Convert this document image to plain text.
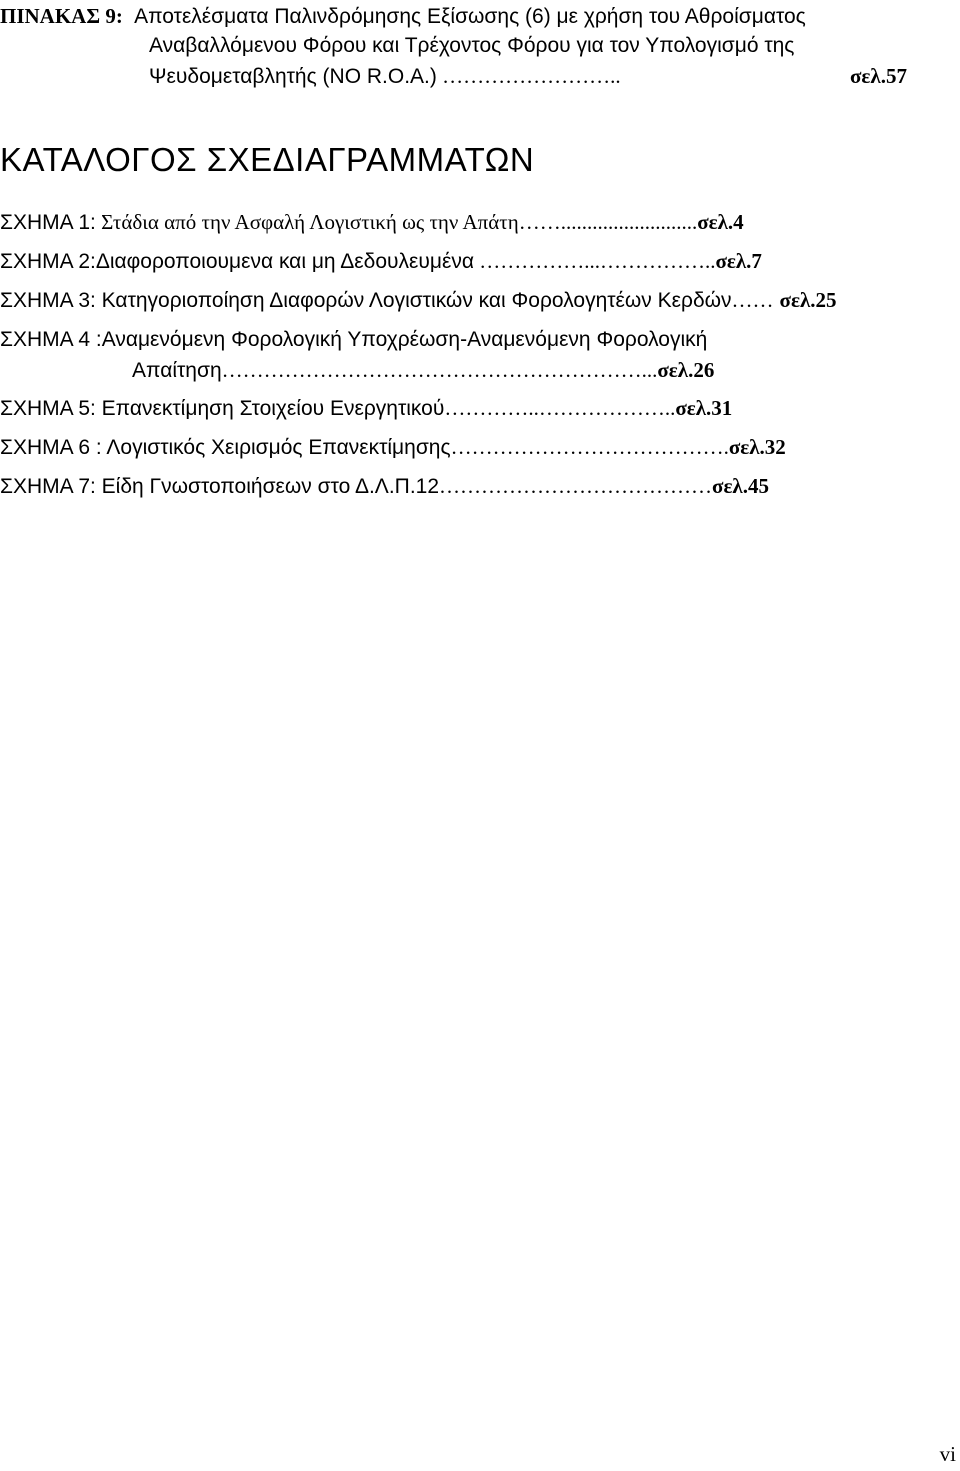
ΠΙΝΑΚΑΣ 9: Αποτελέσματα Παλινδρόμησης Εξίσωσης (6) με χρήση του Αθροίσματος
Αναβαλλόμενου Φόρου και Τρέχοντος Φόρου για τον Υπολογισμό της
Ψευδομεταβλητής (ΝΟ R.O.A.) ……………………..	σελ.57
ΚΑΤΑΛΟΓΟΣ ΣΧΕΔΙΑΓΡΑΜΜΑΤΩΝ
ΣΧΗΜΑ 1: Στάδια από την Ασφαλή Λογιστική ως την Απάτη……..........................σελ.4
ΣΧΗΜΑ 2:Διαφοροποιουμενα και μη Δεδουλευμένα ……………...……………..σελ.7
ΣΧΗΜΑ 3: Κατηγοριοποίηση Διαφορών Λογιστικών και Φορολογητέων Κερδών…… σελ.25
ΣΧΗΜΑ 4 :Αναμενόμενη Φορολογική Υποχρέωση-Αναμενόμενη Φορολογική
Απαίτηση……………………………………………………...σελ.26
ΣΧΗΜΑ 5: Επανεκτίμηση Στοιχείου Ενεργητικού…………..………………..σελ.31
ΣΧΗΜΑ 6 : Λογιστικός Χειρισμός Επανεκτίμησης………………………………….σελ.32
ΣΧΗΜΑ 7: Είδη Γνωστοποιήσεων στο Δ.Λ.Π.12…………………………………σελ.45
vi
